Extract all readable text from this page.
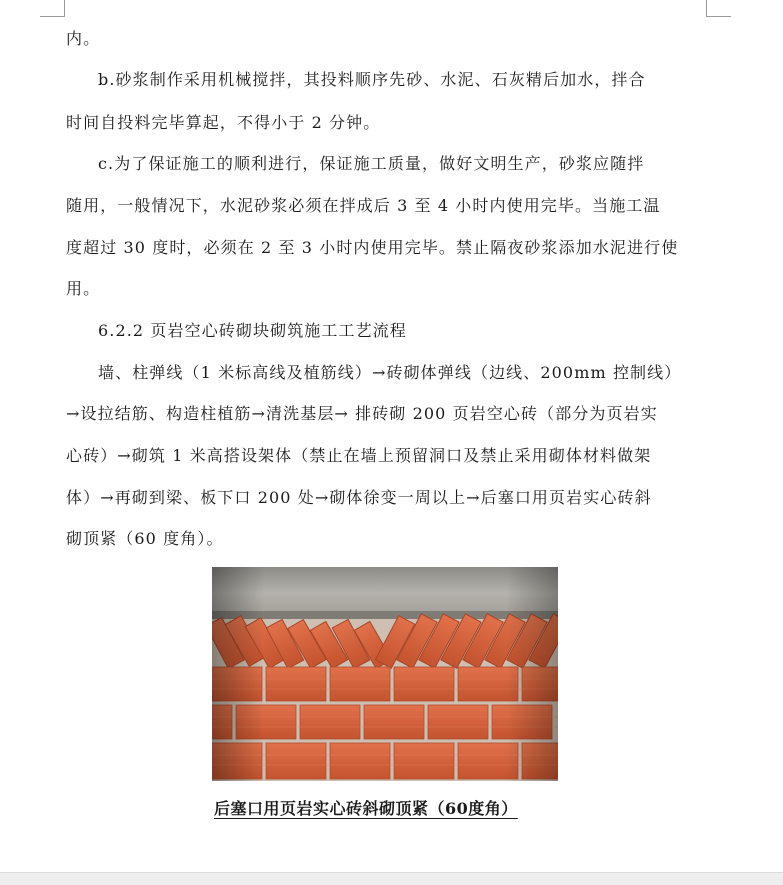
内。
b.砂浆制作采用机械搅拌，其投料顺序先砂、水泥、石灰精后加水，拌合
时间自投料完毕算起，不得小于 2 分钟。
c.为了保证施工的顺利进行，保证施工质量，做好文明生产，砂浆应随拌
随用，一般情况下，水泥砂浆必须在拌成后 3 至 4 小时内使用完毕。当施工温
度超过 30 度时，必须在 2 至 3 小时内使用完毕。禁止隔夜砂浆添加水泥进行使
用。
6.2.2 页岩空心砖砌块砌筑施工工艺流程
墙、柱弹线（1 米标高线及植筋线）→砖砌体弹线（边线、200mm 控制线）
→设拉结筋、构造柱植筋→清洗基层→ 排砖砌 200 页岩空心砖（部分为页岩实
心砖）→砌筑 1 米高搭设架体（禁止在墙上预留洞口及禁止采用砌体材料做架
体）→再砌到梁、板下口 200 处→砌体徐变一周以上→后塞口用页岩实心砖斜
砌顶紧（60 度角）。
后塞口用页岩实心砖斜砌顶紧（60度角）
